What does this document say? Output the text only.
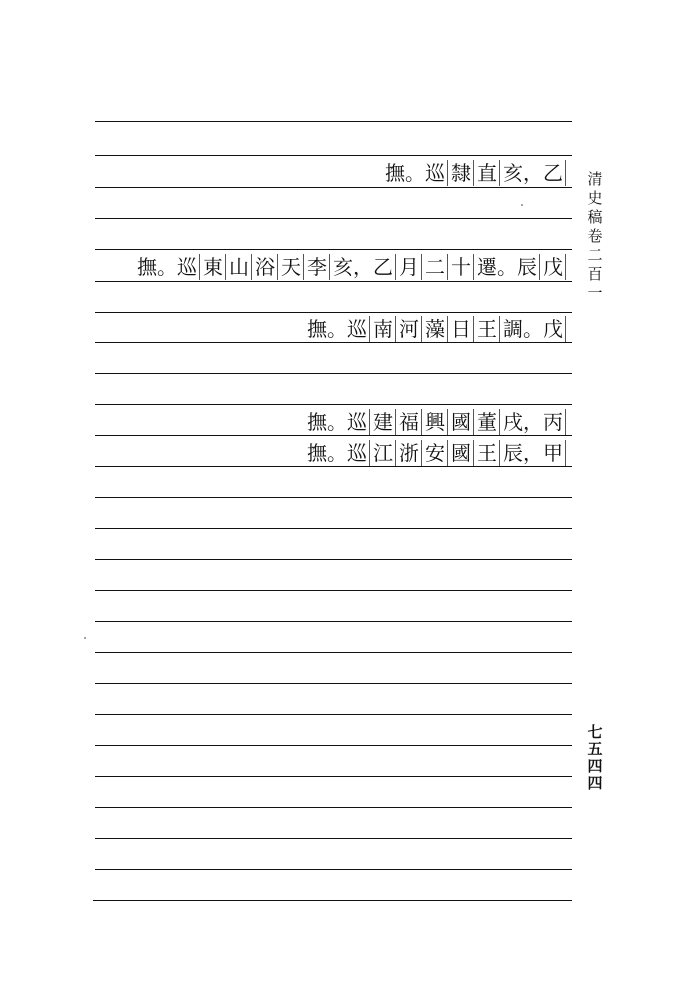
乙
亥，
直
隸
巡
撫。
戊
辰
遷。
十
二
月
乙
亥，
李
天
浴
山
東
巡
撫。
戊
調。
王
日
藻
河
南
巡
撫。
丙
戌，
董
國
興
福
建
巡
撫。
甲
辰，
王
國
安
浙
江
巡
撫。
清
史
稿
卷
二
百
一
七
五
四
四
